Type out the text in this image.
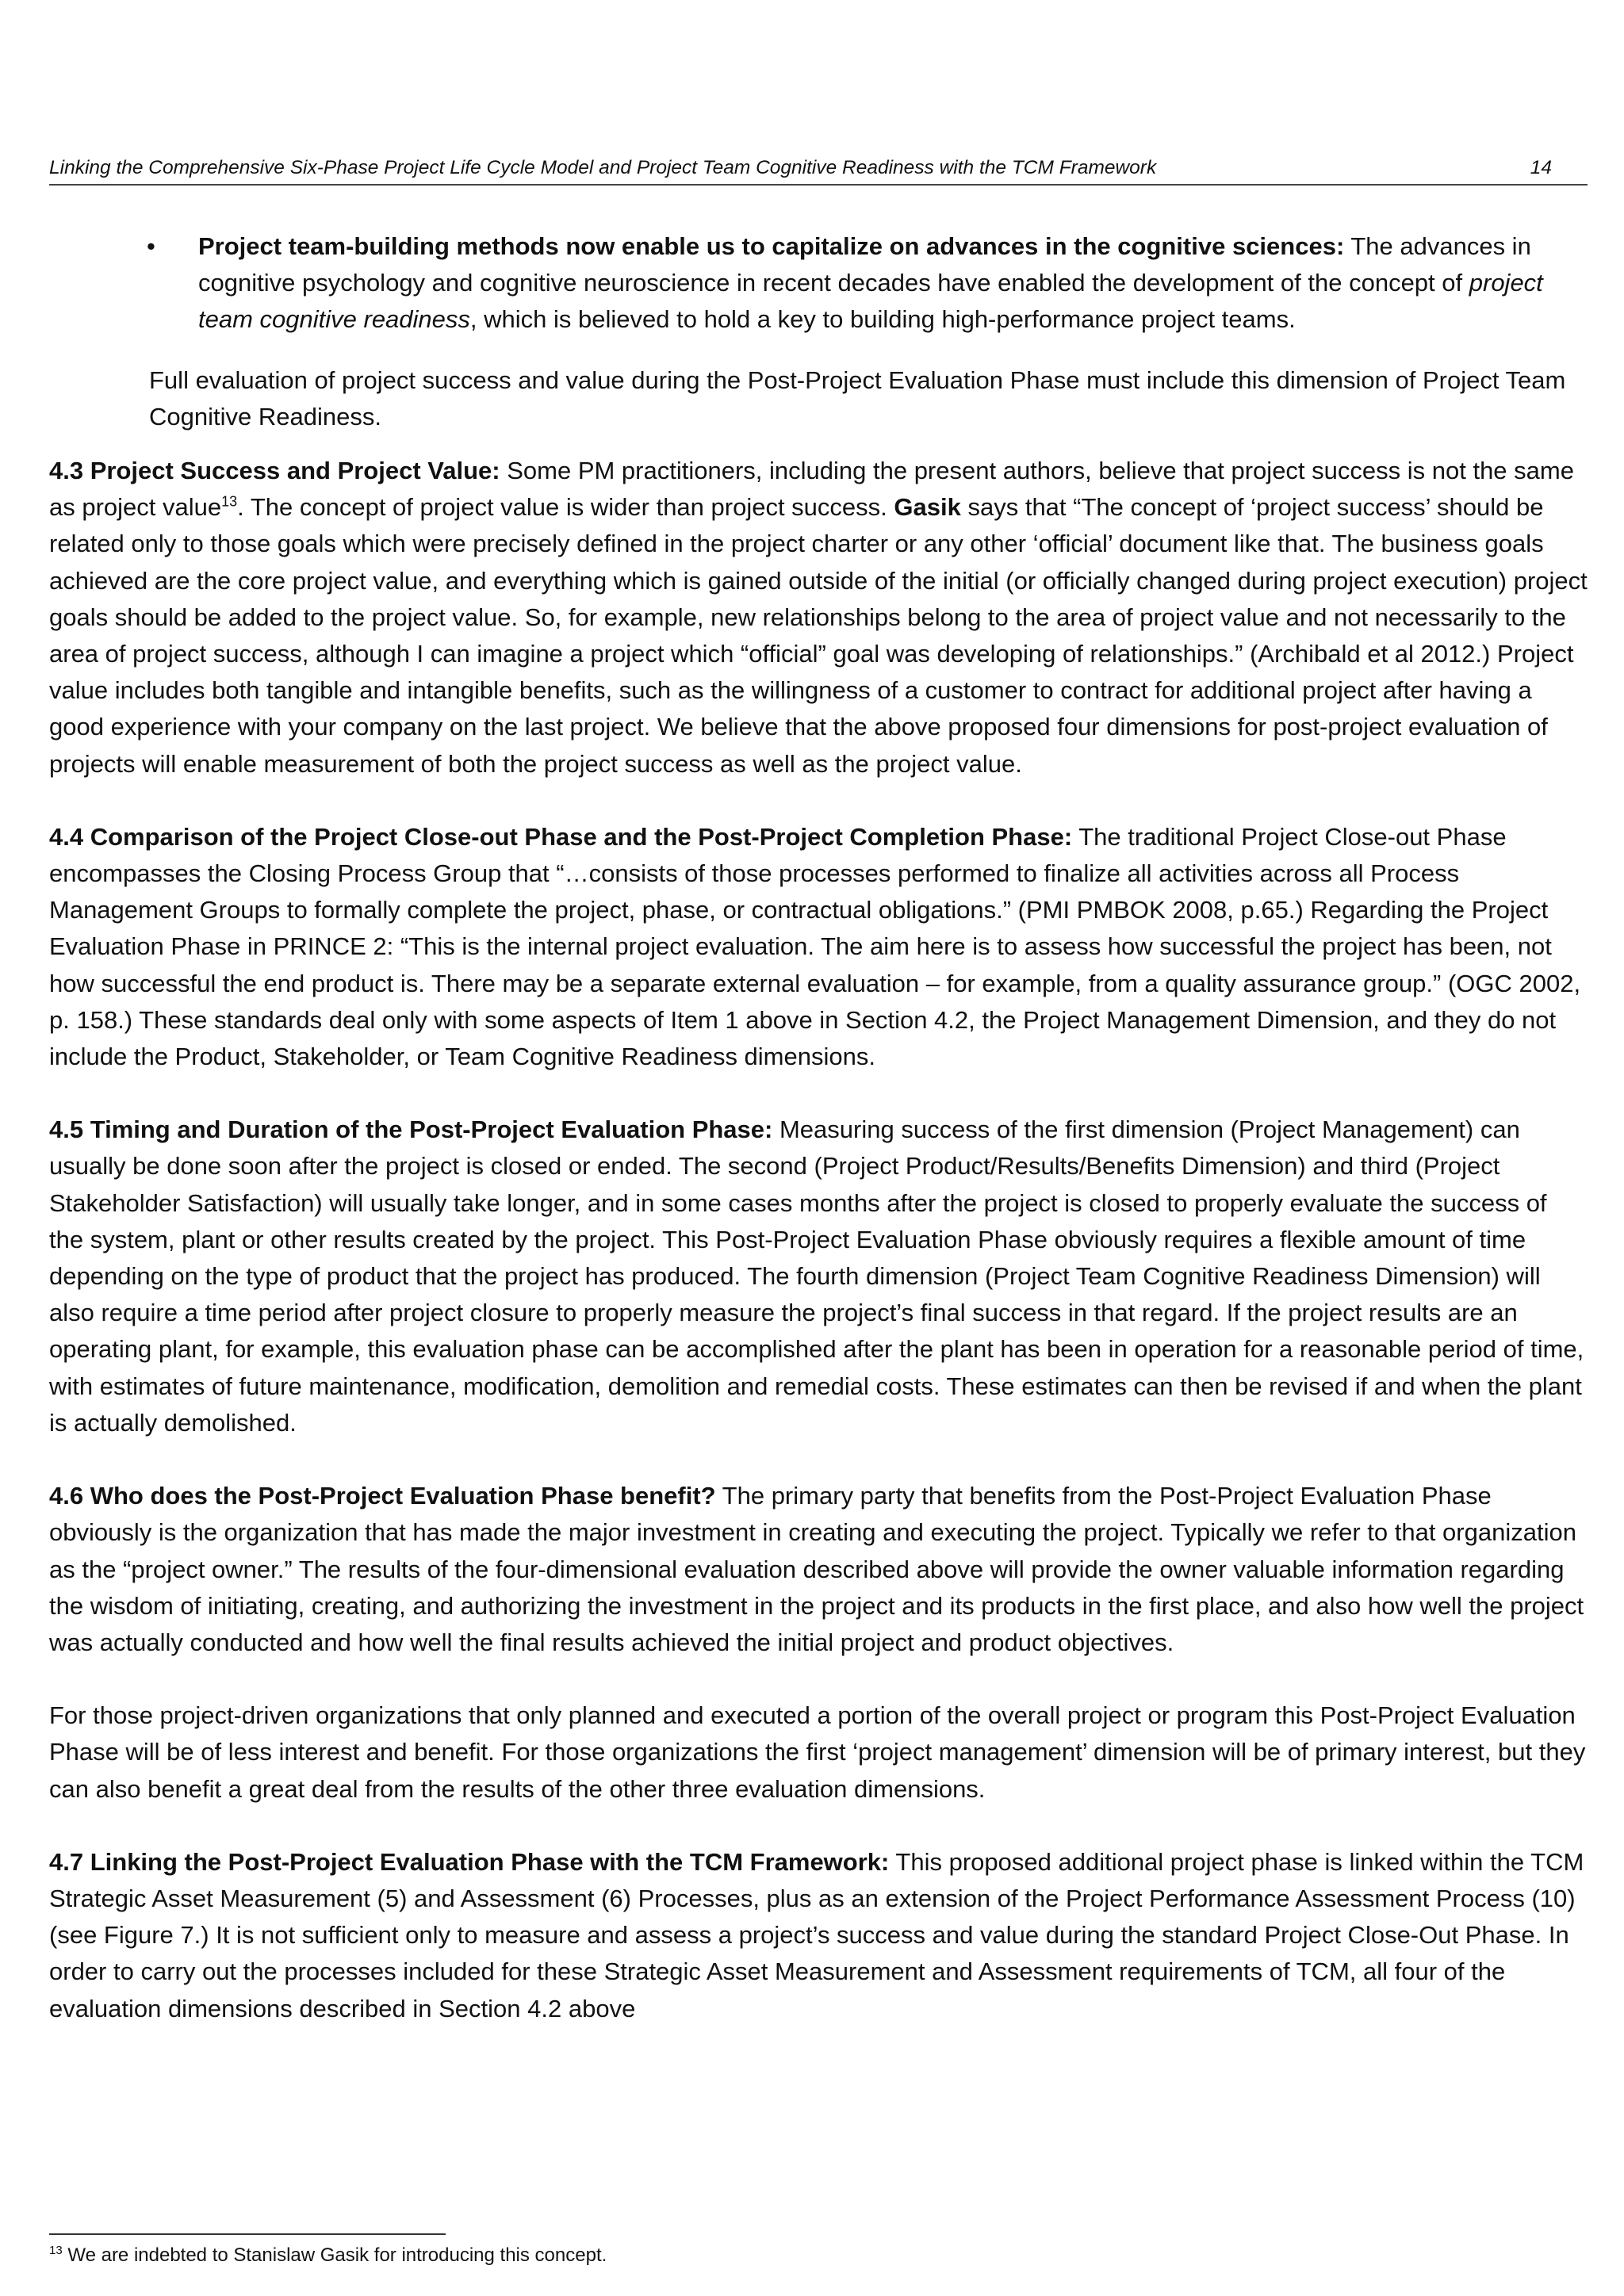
Linking the Comprehensive Six-Phase Project Life Cycle Model and Project Team Cognitive Readiness with the TCM Framework	14

• Project team-building methods now enable us to capitalize on advances in the cognitive sciences: The advances in cognitive psychology and cognitive neuroscience in recent decades have enabled the development of the concept of project team cognitive readiness, which is believed to hold a key to building high-performance project teams.

Full evaluation of project success and value during the Post-Project Evaluation Phase must include this dimension of Project Team Cognitive Readiness.

4.3 Project Success and Project Value: Some PM practitioners, including the present authors, believe that project success is not the same as project value$^{13}$. The concept of project value is wider than project success. Gasik says that “The concept of ‘project success’ should be related only to those goals which were precisely defined in the project charter or any other ‘official’ document like that. The business goals achieved are the core project value, and everything which is gained outside of the initial (or officially changed during project execution) project goals should be added to the project value. So, for example, new relationships belong to the area of project value and not necessarily to the area of project success, although I can imagine a project which “official” goal was developing of relationships.” (Archibald et al 2012.) Project value includes both tangible and intangible benefits, such as the willingness of a customer to contract for additional project after having a good experience with your company on the last project. We believe that the above proposed four dimensions for post-project evaluation of projects will enable measurement of both the project success as well as the project value.

4.4 Comparison of the Project Close-out Phase and the Post-Project Completion Phase: The traditional Project Close-out Phase encompasses the Closing Process Group that “…consists of those processes performed to finalize all activities across all Process Management Groups to formally complete the project, phase, or contractual obligations.” (PMI PMBOK 2008, p.65.) Regarding the Project Evaluation Phase in PRINCE 2: “This is the internal project evaluation. The aim here is to assess how successful the project has been, not how successful the end product is. There may be a separate external evaluation – for example, from a quality assurance group.” (OGC 2002, p. 158.) These standards deal only with some aspects of Item 1 above in Section 4.2, the Project Management Dimension, and they do not include the Product, Stakeholder, or Team Cognitive Readiness dimensions.

4.5 Timing and Duration of the Post-Project Evaluation Phase: Measuring success of the first dimension (Project Management) can usually be done soon after the project is closed or ended. The second (Project Product/Results/Benefits Dimension) and third (Project Stakeholder Satisfaction) will usually take longer, and in some cases months after the project is closed to properly evaluate the success of the system, plant or other results created by the project. This Post-Project Evaluation Phase obviously requires a flexible amount of time depending on the type of product that the project has produced. The fourth dimension (Project Team Cognitive Readiness Dimension) will also require a time period after project closure to properly measure the project’s final success in that regard. If the project results are an operating plant, for example, this evaluation phase can be accomplished after the plant has been in operation for a reasonable period of time, with estimates of future maintenance, modification, demolition and remedial costs. These estimates can then be revised if and when the plant is actually demolished.

4.6 Who does the Post-Project Evaluation Phase benefit? The primary party that benefits from the Post-Project Evaluation Phase obviously is the organization that has made the major investment in creating and executing the project. Typically we refer to that organization as the “project owner.” The results of the four-dimensional evaluation described above will provide the owner valuable information regarding the wisdom of initiating, creating, and authorizing the investment in the project and its products in the first place, and also how well the project was actually conducted and how well the final results achieved the initial project and product objectives.

For those project-driven organizations that only planned and executed a portion of the overall project or program this Post-Project Evaluation Phase will be of less interest and benefit. For those organizations the first ‘project management’ dimension will be of primary interest, but they can also benefit a great deal from the results of the other three evaluation dimensions.

4.7 Linking the Post-Project Evaluation Phase with the TCM Framework: This proposed additional project phase is linked within the TCM Strategic Asset Measurement (5) and Assessment (6) Processes, plus as an extension of the Project Performance Assessment Process (10) (see Figure 7.) It is not sufficient only to measure and assess a project’s success and value during the standard Project Close-Out Phase. In order to carry out the processes included for these Strategic Asset Measurement and Assessment requirements of TCM, all four of the evaluation dimensions described in Section 4.2 above

$^{13}$ We are indebted to Stanislaw Gasik for introducing this concept.
